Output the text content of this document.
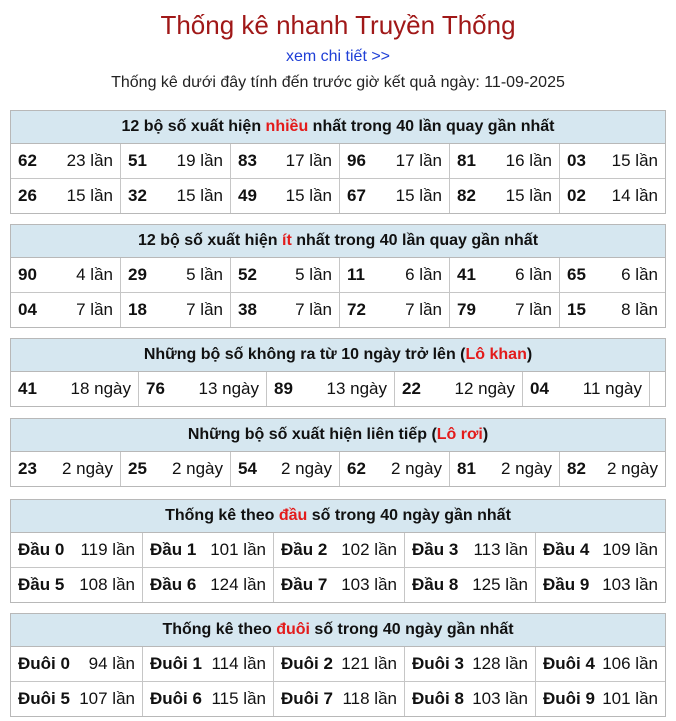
Thống kê nhanh Truyền Thống
xem chi tiết >>
Thống kê dưới đây tính đến trước giờ kết quả ngày: 11-09-2025
12 bộ số xuất hiện nhiều nhất trong 40 lần quay gần nhất
62 23 lần 51 19 lần 83 17 lần 96 17 lần 81 16 lần 03 15 lần
26 15 lần 32 15 lần 49 15 lần 67 15 lần 82 15 lần 02 14 lần
12 bộ số xuất hiện ít nhất trong 40 lần quay gần nhất
90 4 lần 29 5 lần 52 5 lần 11 6 lần 41 6 lần 65 6 lần
04 7 lần 18 7 lần 38 7 lần 72 7 lần 79 7 lần 15 8 lần
Những bộ số không ra từ 10 ngày trở lên (Lô khan)
41 18 ngày 76 13 ngày 89 13 ngày 22 12 ngày 04 11 ngày
Những bộ số xuất hiện liên tiếp (Lô rơi)
23 2 ngày 25 2 ngày 54 2 ngày 62 2 ngày 81 2 ngày 82 2 ngày
Thống kê theo đầu số trong 40 ngày gần nhất
Đầu 0 119 lần Đầu 1 101 lần Đầu 2 102 lần Đầu 3 113 lần Đầu 4 109 lần
Đầu 5 108 lần Đầu 6 124 lần Đầu 7 103 lần Đầu 8 125 lần Đầu 9 103 lần
Thống kê theo đuôi số trong 40 ngày gần nhất
Đuôi 0 94 lần Đuôi 1 114 lần Đuôi 2 121 lần Đuôi 3 128 lần Đuôi 4 106 lần
Đuôi 5 107 lần Đuôi 6 115 lần Đuôi 7 118 lần Đuôi 8 103 lần Đuôi 9 101 lần
